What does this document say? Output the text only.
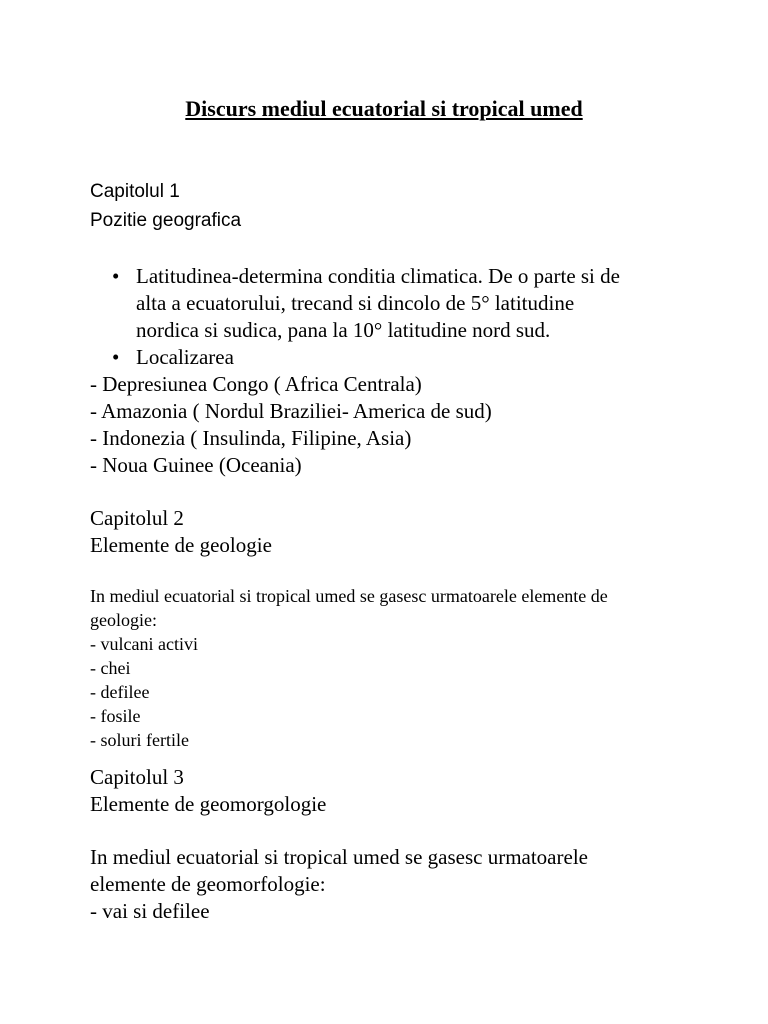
Discurs mediul ecuatorial si tropical umed
Capitolul 1
Pozitie geografica
• Latitudinea-determina conditia climatica. De o parte si de
alta a ecuatorului, trecand si dincolo de 5° latitudine
nordica si sudica, pana la 10° latitudine nord sud.
• Localizarea
- Depresiunea Congo ( Africa Centrala)
- Amazonia ( Nordul Braziliei- America de sud)
- Indonezia ( Insulinda, Filipine, Asia)
- Noua Guinee (Oceania)
Capitolul 2
Elemente de geologie
In mediul ecuatorial si tropical umed se gasesc urmatoarele elemente de
geologie:
- vulcani activi
- chei
- defilee
- fosile
- soluri fertile
Capitolul 3
Elemente de geomorgologie
In mediul ecuatorial si tropical umed se gasesc urmatoarele
elemente de geomorfologie:
- vai si defilee
